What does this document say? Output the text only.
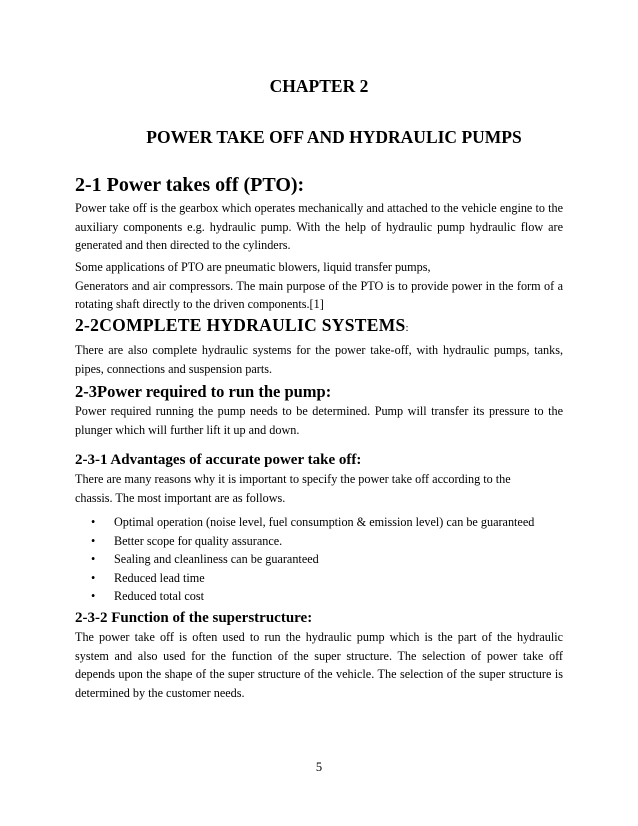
CHAPTER 2
POWER TAKE OFF AND HYDRAULIC PUMPS
2-1 Power takes off (PTO):

Power take off is the gearbox which operates mechanically and attached to the vehicle engine to the auxiliary components e.g. hydraulic pump. With the help of hydraulic pump hydraulic flow are generated and then directed to the cylinders.

Some applications of PTO are pneumatic blowers, liquid transfer pumps,

Generators and air compressors. The main purpose of the PTO is to provide power in the form of a rotating shaft directly to the driven components.[1]

2-2COMPLETE HYDRAULIC SYSTEMS:

There are also complete hydraulic systems for the power take-off, with hydraulic pumps, tanks, pipes, connections and suspension parts.

2-3Power required to run the pump:

Power required running the pump needs to be determined. Pump will transfer its pressure to the plunger which will further lift it up and down.

2-3-1 Advantages of accurate power take off:

There are many reasons why it is important to specify the power take off according to the

chassis. The most important are as follows.

• Optimal operation (noise level, fuel consumption & emission level) can be guaranteed
• Better scope for quality assurance.
• Sealing and cleanliness can be guaranteed
• Reduced lead time
• Reduced total cost
2-3-2 Function of the superstructure:

The power take off is often used to run the hydraulic pump which is the part of the hydraulic system and also used for the function of the super structure. The selection of power take off depends upon the shape of the super structure of the vehicle. The selection of the super structure is determined by the customer needs.

5
